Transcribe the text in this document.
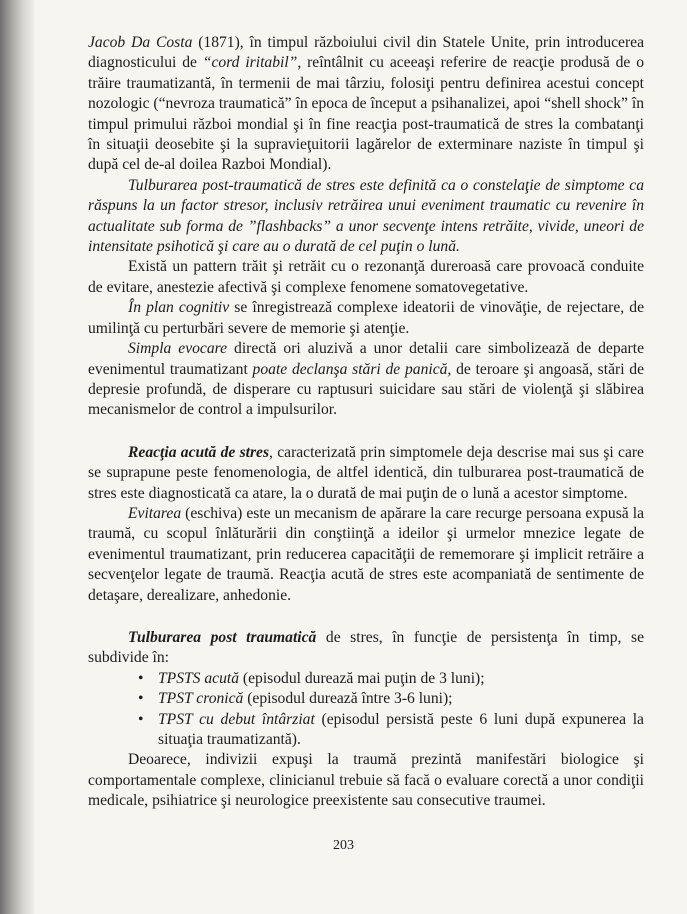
Jacob Da Costa (1871), în timpul războiului civil din Statele Unite, prin introducerea diagnosticului de “cord iritabil”, reîntâlnit cu aceeaşi referire de reacţie produsă de o trăire traumatizantă, în termenii de mai târziu, folosiţi pentru definirea acestui concept nozologic (“nevroza traumatică” în epoca de început a psihanalizei, apoi “shell shock” în timpul primului război mondial şi în fine reacţia post-traumatică de stres la combatanţi în situaţii deosebite şi la supravieţuitorii lagărelor de exterminare naziste în timpul şi după cel de-al doilea Razboi Mondial).

Tulburarea post-traumatică de stres este definită ca o constelaţie de simptome ca răspuns la un factor stresor, inclusiv retrăirea unui eveniment traumatic cu revenire în actualitate sub forma de ”flashbacks” a unor secvenţe intens retrăite, vivide, uneori de intensitate psihotică şi care au o durată de cel puţin o lună.

Există un pattern trăit şi retrăit cu o rezonanţă dureroasă care provoacă conduite de evitare, anestezie afectivă şi complexe fenomene somatovegetative.

În plan cognitiv se înregistrează complexe ideatorii de vinovăţie, de rejectare, de umilinţă cu perturbări severe de memorie şi atenţie.

Simpla evocare directă ori aluzivă a unor detalii care simbolizează de departe evenimentul traumatizant poate declanşa stări de panică, de teroare şi angoasă, stări de depresie profundă, de disperare cu raptusuri suicidare sau stări de violenţă şi slăbirea mecanismelor de control a impulsurilor.

Reacţia acută de stres, caracterizată prin simptomele deja descrise mai sus şi care se suprapune peste fenomenologia, de altfel identică, din tulburarea post-traumatică de stres este diagnosticată ca atare, la o durată de mai puţin de o lună a acestor simptome.

Evitarea (eschiva) este un mecanism de apărare la care recurge persoana expusă la traumă, cu scopul înlăturării din conştiinţă a ideilor şi urmelor mnezice legate de evenimentul traumatizant, prin reducerea capacităţii de rememorare şi implicit retrăire a secvenţelor legate de traumă. Reacţia acută de stres este acompaniată de sentimente de detaşare, derealizare, anhedonie.

Tulburarea post traumatică de stres, în funcţie de persistenţa în timp, se subdivide în:

• TPSTS acută (episodul durează mai puţin de 3 luni);
• TPST cronică (episodul durează între 3-6 luni);
• TPST cu debut întârziat (episodul persistă peste 6 luni după expunerea la situaţia traumatizantă).

Deoarece, indivizii expuşi la traumă prezintă manifestări biologice şi comportamentale complexe, clinicianul trebuie să facă o evaluare corectă a unor condiţii medicale, psihiatrice şi neurologice preexistente sau consecutive traumei.

203
